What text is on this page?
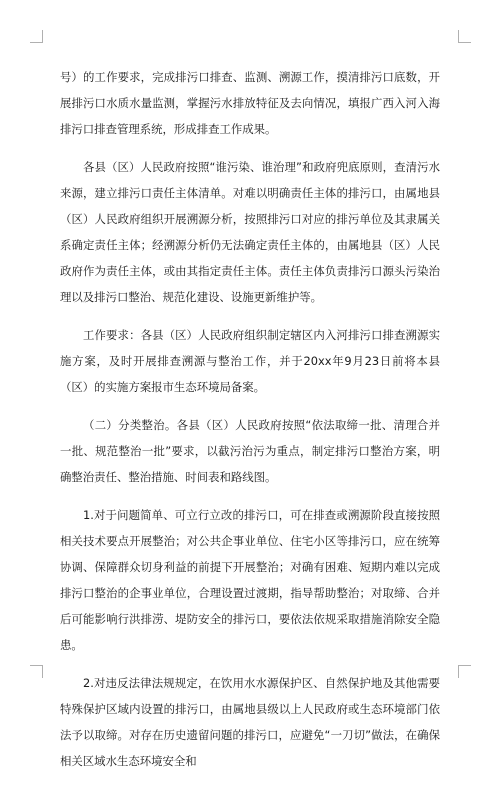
号）的工作要求，完成排污口排查、监测、溯源工作，摸清排污口底数，开展排污口水质水量监测，掌握污水排放特征及去向情况，填报广西入河入海排污口排查管理系统，形成排查工作成果。

各县（区）人民政府按照“谁污染、谁治理”和政府兜底原则，查清污水来源，建立排污口责任主体清单。对难以明确责任主体的排污口，由属地县（区）人民政府组织开展溯源分析，按照排污口对应的排污单位及其隶属关系确定责任主体；经溯源分析仍无法确定责任主体的，由属地县（区）人民政府作为责任主体，或由其指定责任主体。责任主体负责排污口源头污染治理以及排污口整治、规范化建设、设施更新维护等。

工作要求：各县（区）人民政府组织制定辖区内入河排污口排查溯源实施方案，及时开展排查溯源与整治工作，并于20xx年9月23日前将本县（区）的实施方案报市生态环境局备案。

（二）分类整治。各县（区）人民政府按照“依法取缔一批、清理合并一批、规范整治一批”要求，以截污治污为重点，制定排污口整治方案，明确整治责任、整治措施、时间表和路线图。

1.对于问题简单、可立行立改的排污口，可在排查或溯源阶段直接按照相关技术要点开展整治；对公共企事业单位、住宅小区等排污口，应在统筹协调、保障群众切身利益的前提下开展整治；对确有困难、短期内难以完成排污口整治的企事业单位，合理设置过渡期，指导帮助整治；对取缔、合并后可能影响行洪排涝、堤防安全的排污口，要依法依规采取措施消除安全隐患。

2.对违反法律法规规定，在饮用水水源保护区、自然保护地及其他需要特殊保护区域内设置的排污口，由属地县级以上人民政府或生态环境部门依法予以取缔。对存在历史遗留问题的排污口，应避免“一刀切”做法，在确保相关区域水生态环境安全和
